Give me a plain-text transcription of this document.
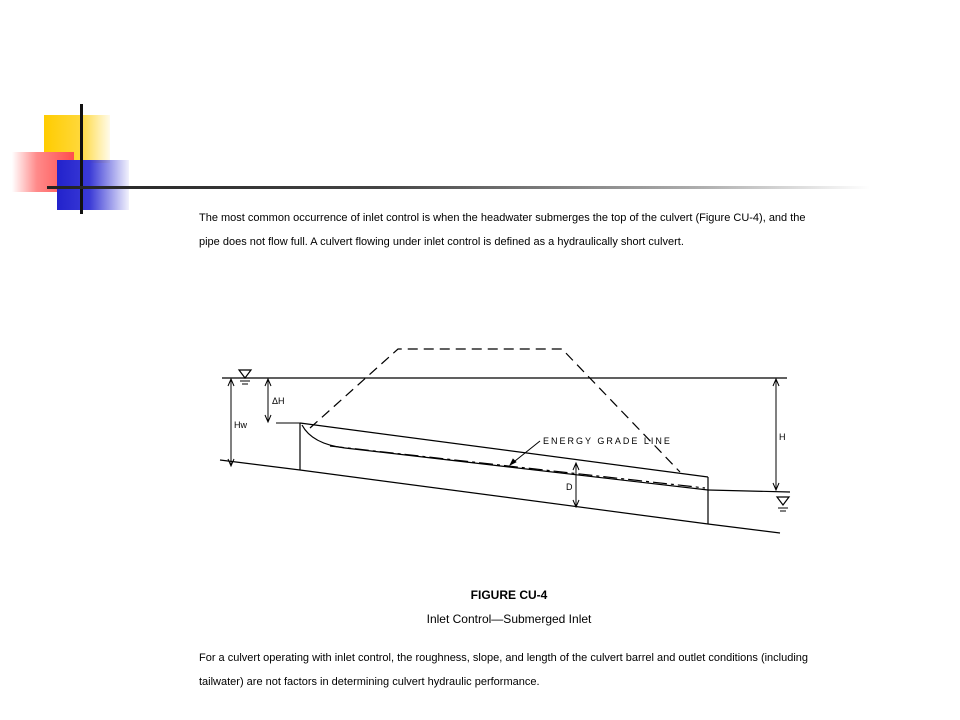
The most common occurrence of inlet control is when the headwater submerges the top of the culvert (Figure CU-4), and the pipe does not flow full. A culvert flowing under inlet control is defined as a hydraulically short culvert.

ΔH
Hw
H
D
ENERGY GRADE LINE
FIGURE CU-4
Inlet Control—Submerged Inlet

For a culvert operating with inlet control, the roughness, slope, and length of the culvert barrel and outlet conditions (including tailwater) are not factors in determining culvert hydraulic performance.
